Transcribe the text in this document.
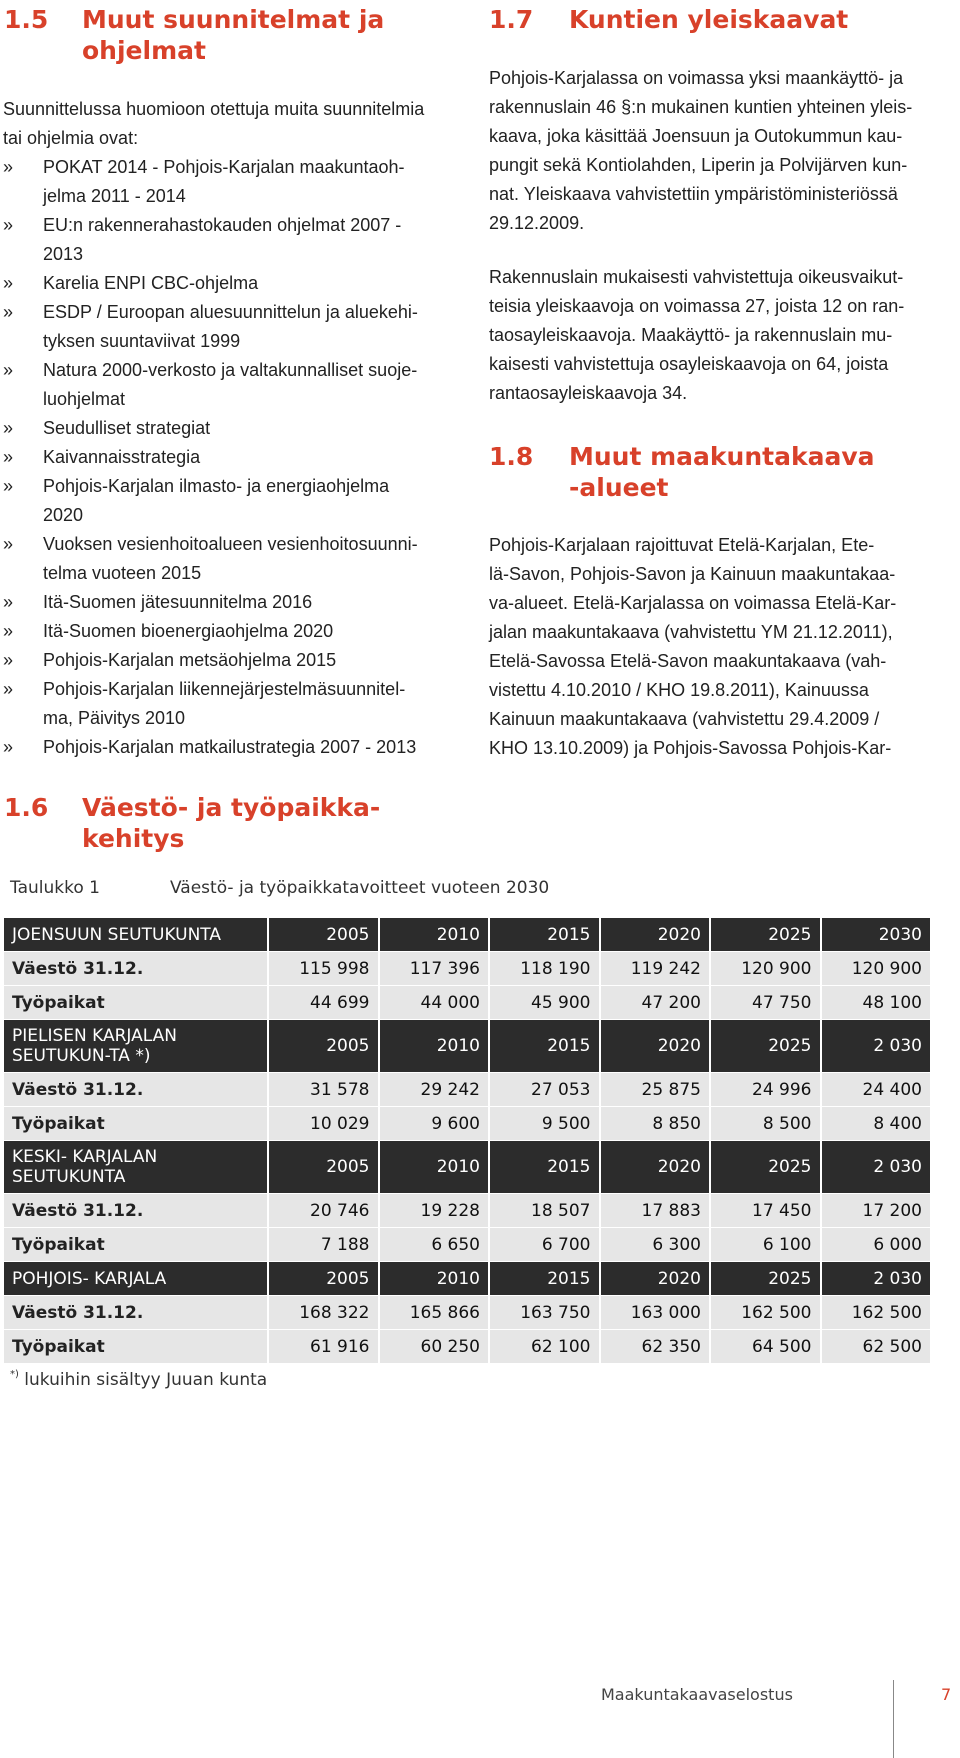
1.5 Muut suunnitelmat ja
ohjelmat

Suunnittelussa huomioon otettuja muita suunnitelmia

tai ohjelmia ovat:

» POKAT 2014 - Pohjois-Karjalan maakuntaoh-
jelma 2011 - 2014
» EU:n rakennerahastokauden ohjelmat 2007 -
2013
» Karelia ENPI CBC-ohjelma
» ESDP / Euroopan aluesuunnittelun ja aluekehi-
tyksen suuntaviivat 1999
» Natura 2000-verkosto ja valtakunnalliset suoje-
luohjelmat
» Seudulliset strategiat
» Kaivannaisstrategia
» Pohjois-Karjalan ilmasto- ja energiaohjelma
2020
» Vuoksen vesienhoitoalueen vesienhoitosuunni-
telma vuoteen 2015
» Itä-Suomen jätesuunnitelma 2016
» Itä-Suomen bioenergiaohjelma 2020
» Pohjois-Karjalan metsäohjelma 2015
» Pohjois-Karjalan liikennejärjestelmäsuunnitel-
ma, Päivitys 2010
» Pohjois-Karjalan matkailustrategia 2007 - 2013
1.7 Kuntien yleiskaavat
Pohjois-Karjalassa on voimassa yksi maankäyttö- ja
rakennuslain 46 §:n mukainen kuntien yhteinen yleis-
kaava, joka käsittää Joensuun ja Outokummun kau-
pungit sekä Kontiolahden, Liperin ja Polvijärven kun-
nat. Yleiskaava vahvistettiin ympäristöministeriössä
29.12.2009.
Rakennuslain mukaisesti vahvistettuja oikeusvaikut-
teisia yleiskaavoja on voimassa 27, joista 12 on ran-
taosayleiskaavoja. Maakäyttö- ja rakennuslain mu-
kaisesti vahvistettuja osayleiskaavoja on 64, joista
rantaosayleiskaavoja 34.
1.8 Muut maakuntakaava
-alueet
Pohjois-Karjalaan rajoittuvat Etelä-Karjalan, Ete-
lä-Savon, Pohjois-Savon ja Kainuun maakuntakaa-
va-alueet. Etelä-Karjalassa on voimassa Etelä-Kar-
jalan maakuntakaava (vahvistettu YM 21.12.2011),
Etelä-Savossa Etelä-Savon maakuntakaava (vah-
vistettu 4.10.2010 / KHO 19.8.2011), Kainuussa
Kainuun maakuntakaava (vahvistettu 29.4.2009 /
KHO 13.10.2009) ja Pohjois-Savossa Pohjois-Kar-
1.6 Väestö- ja työpaikka-
kehitys
Taulukko 1	Väestö- ja työpaikkatavoitteet vuoteen 2030
JOENSUUN SEUTUKUNTA	2005	2010	2015	2020	2025	2030
Väestö 31.12.	115 998	117 396	118 190	119 242	120 900	120 900
Työpaikat	44 699	44 000	45 900	47 200	47 750	48 100
PIELISEN KARJALAN SEUTUKUN-TA *)	2005	2010	2015	2020	2025	2 030
Väestö 31.12.	31 578	29 242	27 053	25 875	24 996	24 400
Työpaikat	10 029	9 600	9 500	8 850	8 500	8 400
KESKI- KARJALAN SEUTUKUNTA	2005	2010	2015	2020	2025	2 030
Väestö 31.12.	20 746	19 228	18 507	17 883	17 450	17 200
Työpaikat	7 188	6 650	6 700	6 300	6 100	6 000
POHJOIS- KARJALA	2005	2010	2015	2020	2025	2 030
Väestö 31.12.	168 322	165 866	163 750	163 000	162 500	162 500
Työpaikat	61 916	60 250	62 100	62 350	64 500	62 500
*) lukuihin sisältyy Juuan kunta
Maakuntakaavaselostus	7
